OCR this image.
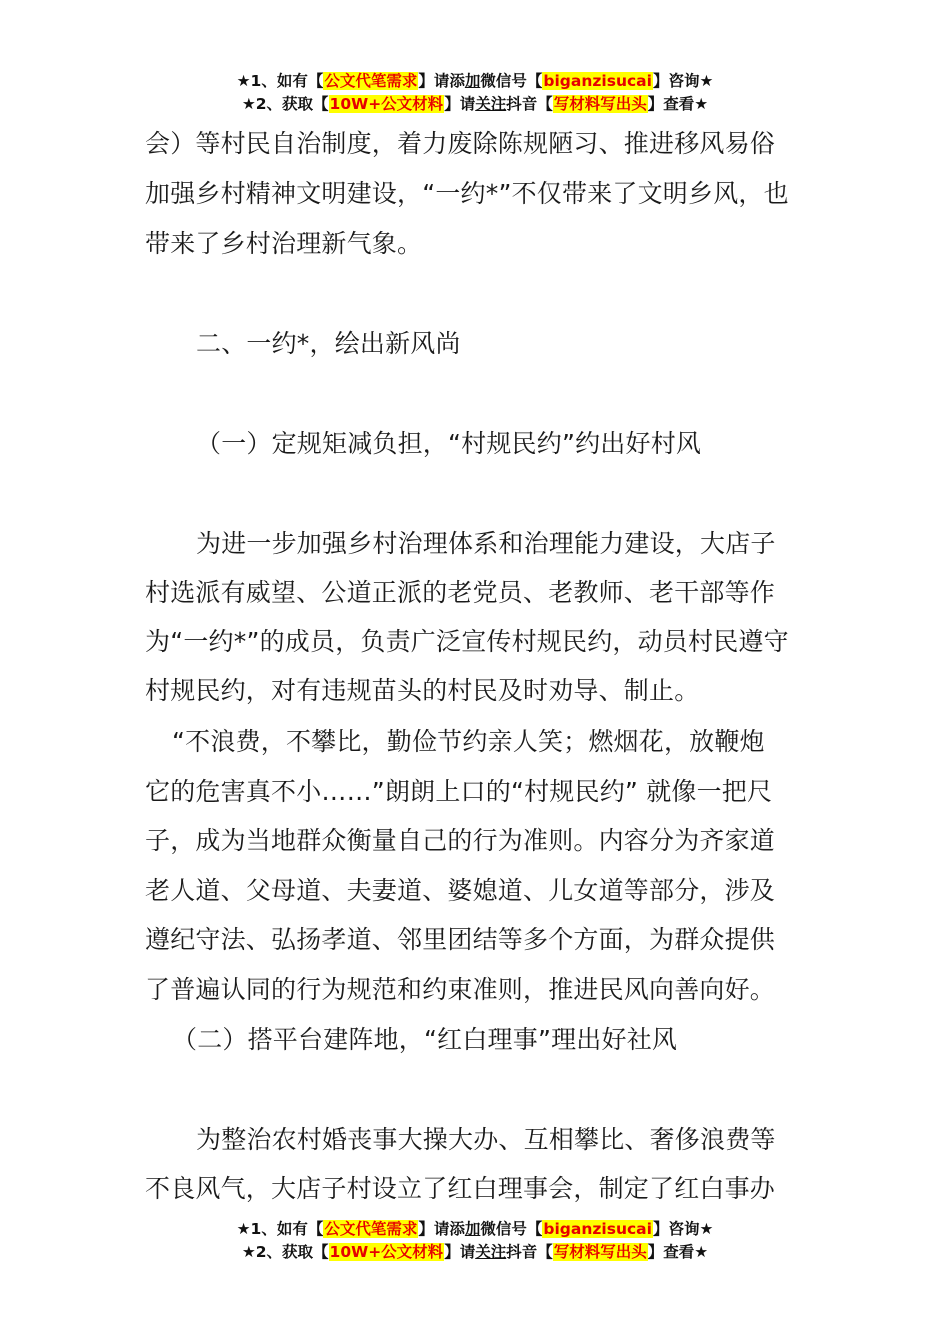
★1、如有【公文代笔需求】请添加微信号【biganzisucai】咨询★
★2、获取【10W+公文材料】请关注抖音【写材料写出头】查看★
会）等村民自治制度，着力废除陈规陋习、推进移风易俗
加强乡村精神文明建设，“一约*”不仅带来了文明乡风，也
带来了乡村治理新气象。
二、一约*，绘出新风尚
（一）定规矩减负担，“村规民约”约出好村风
为进一步加强乡村治理体系和治理能力建设，大店子
村选派有威望、公道正派的老党员、老教师、老干部等作
为“一约*”的成员，负责广泛宣传村规民约，动员村民遵守
村规民约，对有违规苗头的村民及时劝导、制止。
“不浪费，不攀比，勤俭节约亲人笑；燃烟花，放鞭炮
它的危害真不小……”朗朗上口的“村规民约” 就像一把尺
子，成为当地群众衡量自己的行为准则。内容分为齐家道
老人道、父母道、夫妻道、婆媳道、儿女道等部分，涉及
遵纪守法、弘扬孝道、邻里团结等多个方面，为群众提供
了普遍认同的行为规范和约束准则，推进民风向善向好。
（二）搭平台建阵地，“红白理事”理出好社风
为整治农村婚丧事大操大办、互相攀比、奢侈浪费等
不良风气，大店子村设立了红白理事会，制定了红白事办
★1、如有【公文代笔需求】请添加微信号【biganzisucai】咨询★
★2、获取【10W+公文材料】请关注抖音【写材料写出头】查看★
